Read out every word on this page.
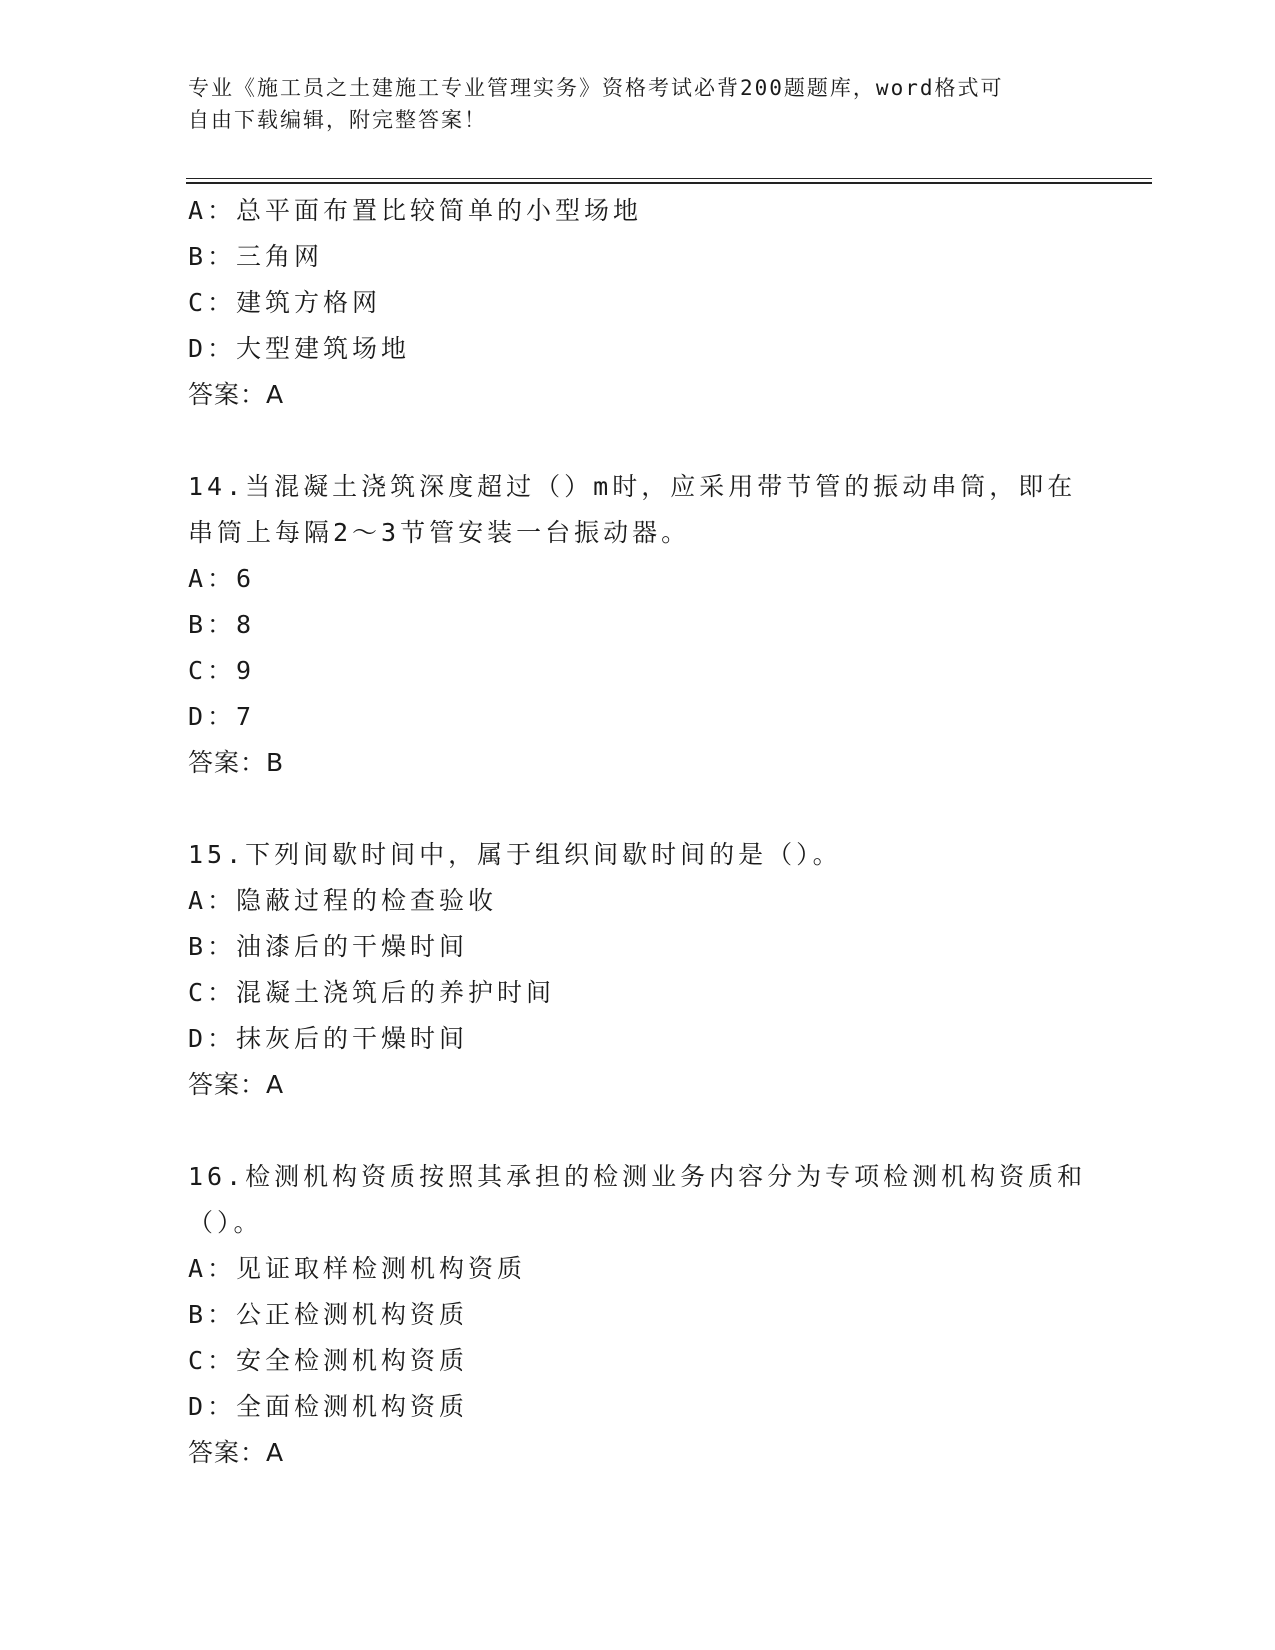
专业《施工员之土建施工专业管理实务》资格考试必背200题题库，word格式可
自由下载编辑，附完整答案！
A：总平面布置比较简单的小型场地
B：三角网
C：建筑方格网
D：大型建筑场地
答案：A
14.当混凝土浇筑深度超过（）m时，应采用带节管的振动串筒，即在
串筒上每隔2～3节管安装一台振动器。
A：6
B：8
C：9
D：7
答案：B
15.下列间歇时间中，属于组织间歇时间的是（）。
A：隐蔽过程的检查验收
B：油漆后的干燥时间
C：混凝土浇筑后的养护时间
D：抹灰后的干燥时间
答案：A
16.检测机构资质按照其承担的检测业务内容分为专项检测机构资质和
（）。
A：见证取样检测机构资质
B：公正检测机构资质
C：安全检测机构资质
D：全面检测机构资质
答案：A
